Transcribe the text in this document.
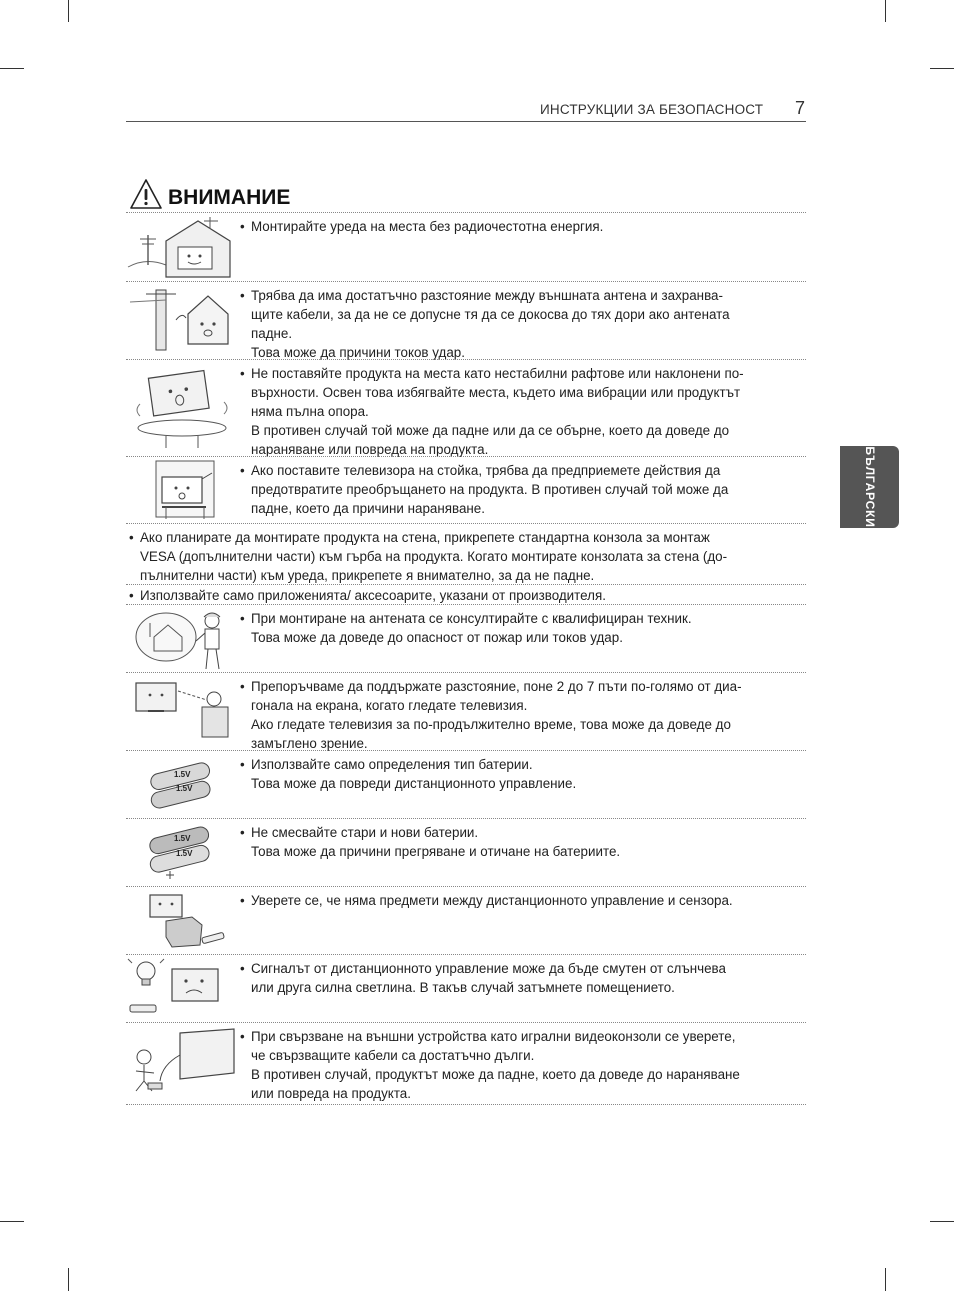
ИНСТРУКЦИИ ЗА БЕЗОПАСНОСТ 7
БЪЛГАРСКИ
ВНИМАНИЕ
• Монтирайте уреда на места без радиочестотна енергия.
• Трябва да има достатъчно разстояние между външната антена и захранва-
щите кабели, за да не се допусне тя да се докосва до тях дори ако антената
падне.
Това може да причини токов удар.
• Не поставяйте продукта на места като нестабилни рафтове или наклонени по-
върхности. Освен това избягвайте места, където има вибрации или продуктът
няма пълна опора.
В противен случай той може да падне или да се обърне, което да доведе до
нараняване или повреда на продукта.
• Ако поставите телевизора на стойка, трябва да предприемете действия да
предотвратите преобръщането на продукта. В противен случай той може да
падне, което да причини нараняване.
• Ако планирате да монтирате продукта на стена, прикрепете стандартна конзола за монтаж
VESA (допълнителни части) към гърба на продукта. Когато монтирате конзолата за стена (до-
пълнителни части) към уреда, прикрепете я внимателно, за да не падне.
• Използвайте само приложенията/ аксесоарите, указани от производителя.
• При монтиране на антената се консултирайте с квалифициран техник.
Това може да доведе до опасност от пожар или токов удар.
• Препоръчваме да поддържате разстояние, поне 2 до 7 пъти по-голямо от диа-
гонала на екрана, когато гледате телевизия.
Ако гледате телевизия за по-продължително време, това може да доведе до
замъглено зрение.
1.5V
1.5V
• Използвайте само определения тип батерии.
Това може да повреди дистанционното управление.
1.5V
1.5V
• Не смесвайте стари и нови батерии.
Това може да причини прегряване и отичане на батериите.
• Уверете се, че няма предмети между дистанционното управление и сензора.
• Сигналът от дистанционното управление може да бъде смутен от слънчева
или друга силна светлина. В такъв случай затъмнете помещението.
• При свързване на външни устройства като игрални видеоконзоли се уверете,
че свързващите кабели са достатъчно дълги.
В противен случай, продуктът може да падне, което да доведе до нараняване
или повреда на продукта.
